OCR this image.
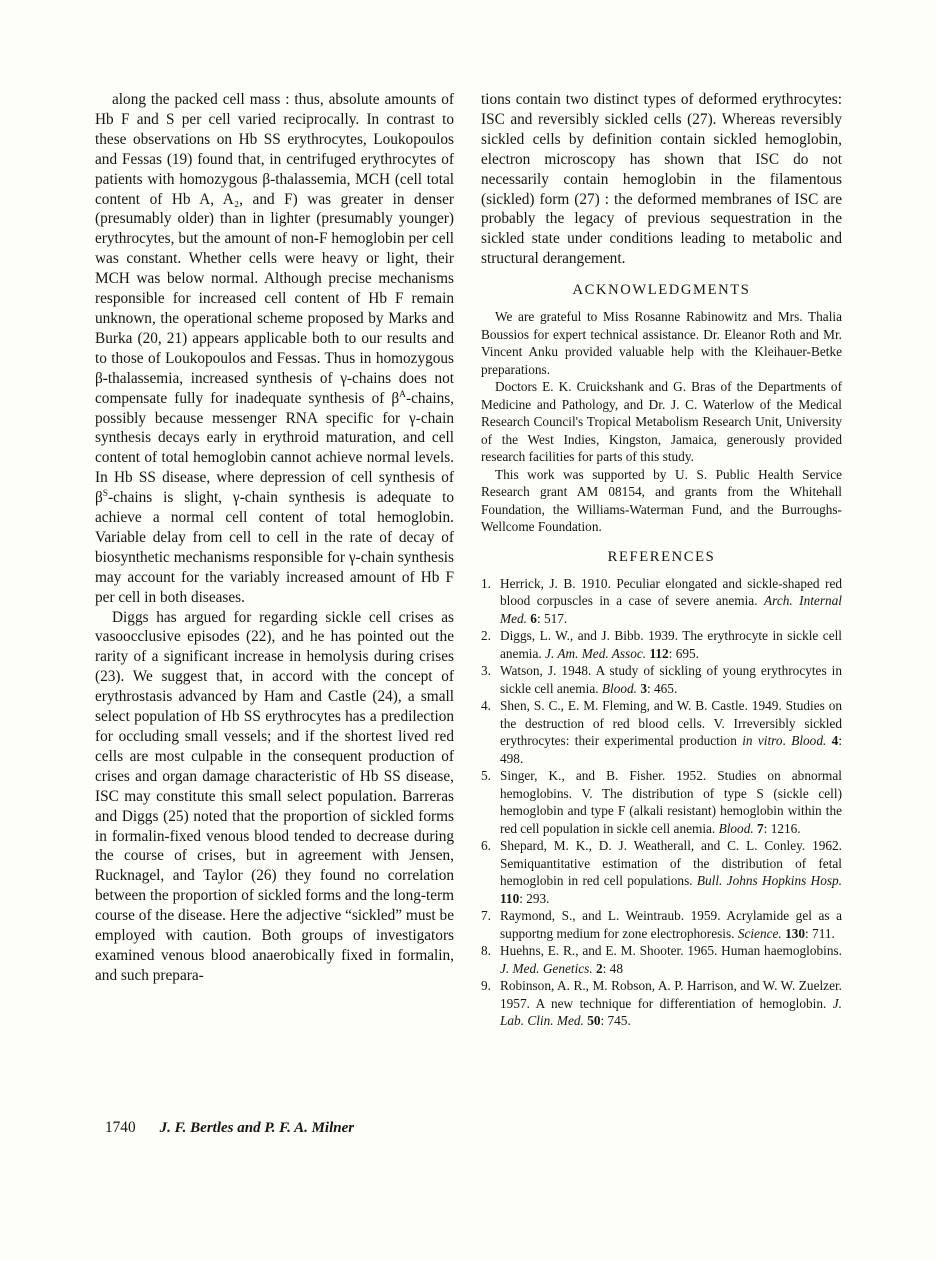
along the packed cell mass : thus, absolute amounts of Hb F and S per cell varied reciprocally. In contrast to these observations on Hb SS erythrocytes, Loukopoulos and Fessas (19) found that, in centrifuged erythrocytes of patients with homozygous β-thalassemia, MCH (cell total content of Hb A, A₂, and F) was greater in denser (presumably older) than in lighter (presumably younger) erythrocytes, but the amount of non-F hemoglobin per cell was constant. Whether cells were heavy or light, their MCH was below normal. Although precise mechanisms responsible for increased cell content of Hb F remain unknown, the operational scheme proposed by Marks and Burka (20, 21) appears applicable both to our results and to those of Loukopoulos and Fessas. Thus in homozygous β-thalassemia, increased synthesis of γ-chains does not compensate fully for inadequate synthesis of $\beta^A$-chains, possibly because messenger RNA specific for γ-chain synthesis decays early in erythroid maturation, and cell content of total hemoglobin cannot achieve normal levels. In Hb SS disease, where depression of cell synthesis of $\beta^S$-chains is slight, γ-chain synthesis is adequate to achieve a normal cell content of total hemoglobin. Variable delay from cell to cell in the rate of decay of biosynthetic mechanisms responsible for γ-chain synthesis may account for the variably increased amount of Hb F per cell in both diseases.

Diggs has argued for regarding sickle cell crises as vasoocclusive episodes (22), and he has pointed out the rarity of a significant increase in hemolysis during crises (23). We suggest that, in accord with the concept of erythrostasis advanced by Ham and Castle (24), a small select population of Hb SS erythrocytes has a predilection for occluding small vessels; and if the shortest lived red cells are most culpable in the consequent production of crises and organ damage characteristic of Hb SS disease, ISC may constitute this small select population. Barreras and Diggs (25) noted that the proportion of sickled forms in formalin-fixed venous blood tended to decrease during the course of crises, but in agreement with Jensen, Rucknagel, and Taylor (26) they found no correlation between the proportion of sickled forms and the long-term course of the disease. Here the adjective “sickled” must be employed with caution. Both groups of investigators examined venous blood anaerobically fixed in formalin, and such prepara-

tions contain two distinct types of deformed erythrocytes: ISC and reversibly sickled cells (27). Whereas reversibly sickled cells by definition contain sickled hemoglobin, electron microscopy has shown that ISC do not necessarily contain hemoglobin in the filamentous (sickled) form (27) : the deformed membranes of ISC are probably the legacy of previous sequestration in the sickled state under conditions leading to metabolic and structural derangement.

ACKNOWLEDGMENTS

We are grateful to Miss Rosanne Rabinowitz and Mrs. Thalia Boussios for expert technical assistance. Dr. Eleanor Roth and Mr. Vincent Anku provided valuable help with the Kleihauer-Betke preparations.

Doctors E. K. Cruickshank and G. Bras of the Departments of Medicine and Pathology, and Dr. J. C. Waterlow of the Medical Research Council's Tropical Metabolism Research Unit, University of the West Indies, Kingston, Jamaica, generously provided research facilities for parts of this study.

This work was supported by U. S. Public Health Service Research grant AM 08154, and grants from the Whitehall Foundation, the Williams-Waterman Fund, and the Burroughs-Wellcome Foundation.

REFERENCES
1. Herrick, J. B. 1910. Peculiar elongated and sickle-shaped red blood corpuscles in a case of severe anemia. Arch. Internal Med. 6: 517.
2. Diggs, L. W., and J. Bibb. 1939. The erythrocyte in sickle cell anemia. J. Am. Med. Assoc. 112: 695.
3. Watson, J. 1948. A study of sickling of young erythrocytes in sickle cell anemia. Blood. 3: 465.
4. Shen, S. C., E. M. Fleming, and W. B. Castle. 1949. Studies on the destruction of red blood cells. V. Irreversibly sickled erythrocytes: their experimental production in vitro. Blood. 4: 498.
5. Singer, K., and B. Fisher. 1952. Studies on abnormal hemoglobins. V. The distribution of type S (sickle cell) hemoglobin and type F (alkali resistant) hemoglobin within the red cell population in sickle cell anemia. Blood. 7: 1216.
6. Shepard, M. K., D. J. Weatherall, and C. L. Conley. 1962. Semiquantitative estimation of the distribution of fetal hemoglobin in red cell populations. Bull. Johns Hopkins Hosp. 110: 293.
7. Raymond, S., and L. Weintraub. 1959. Acrylamide gel as a supportng medium for zone electrophoresis. Science. 130: 711.
8. Huehns, E. R., and E. M. Shooter. 1965. Human haemoglobins. J. Med. Genetics. 2: 48
9. Robinson, A. R., M. Robson, A. P. Harrison, and W. W. Zuelzer. 1957. A new technique for differentiation of hemoglobin. J. Lab. Clin. Med. 50: 745.
1740 J. F. Bertles and P. F. A. Milner
